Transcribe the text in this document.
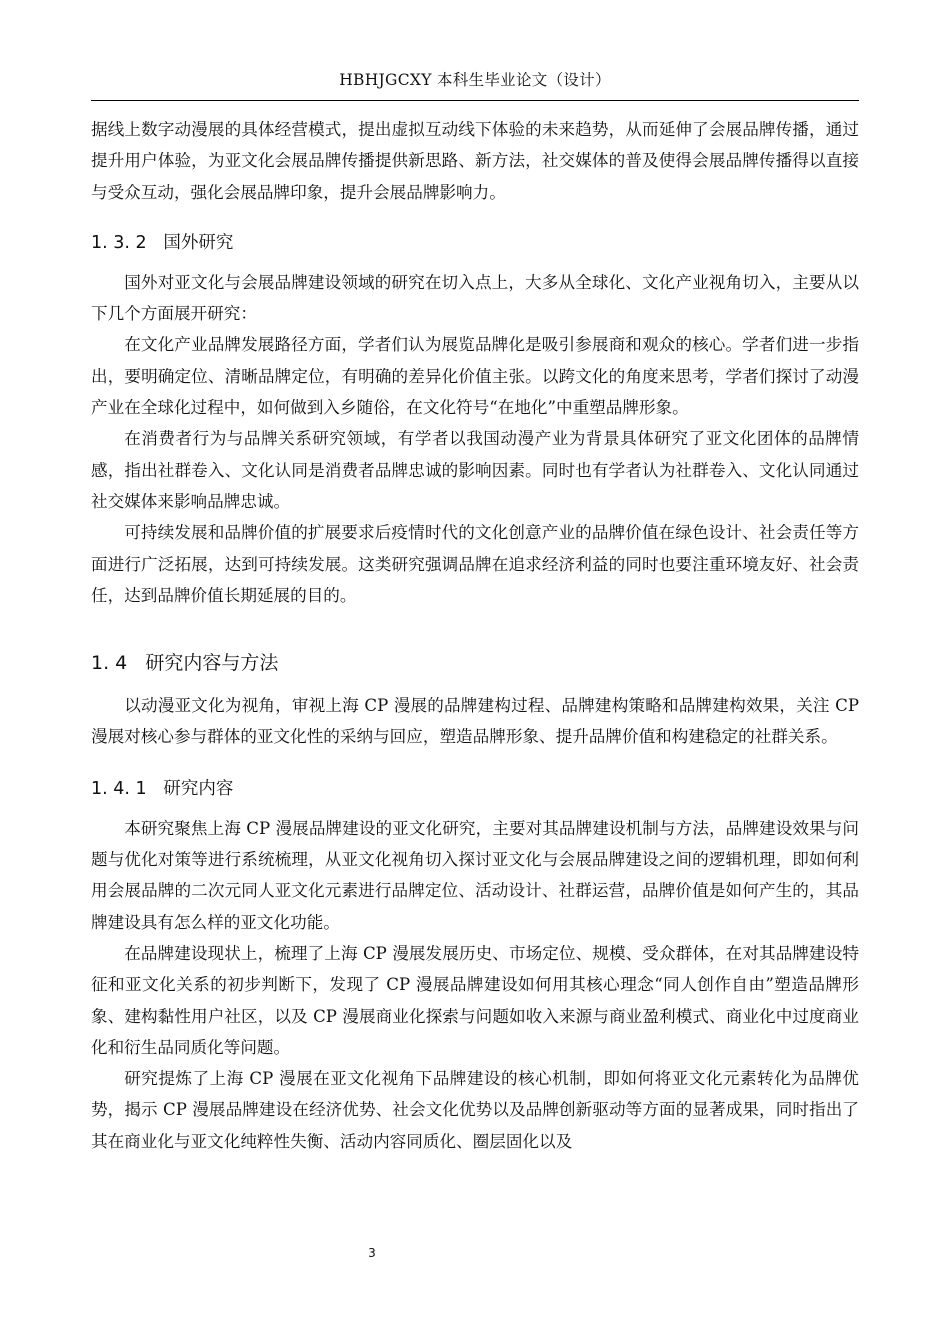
HBHJGCXY 本科生毕业论文（设计）

据线上数字动漫展的具体经营模式，提出虚拟互动线下体验的未来趋势，从而延伸了会展品牌传播，通过提升用户体验，为亚文化会展品牌传播提供新思路、新方法，社交媒体的普及使得会展品牌传播得以直接与受众互动，强化会展品牌印象，提升会展品牌影响力。

1. 3. 2   国外研究

国外对亚文化与会展品牌建设领域的研究在切入点上，大多从全球化、文化产业视角切入，主要从以下几个方面展开研究：

在文化产业品牌发展路径方面，学者们认为展览品牌化是吸引参展商和观众的核心。学者们进一步指出，要明确定位、清晰品牌定位，有明确的差异化价值主张。以跨文化的角度来思考，学者们探讨了动漫产业在全球化过程中，如何做到入乡随俗，在文化符号“在地化”中重塑品牌形象。

在消费者行为与品牌关系研究领域，有学者以我国动漫产业为背景具体研究了亚文化团体的品牌情感，指出社群卷入、文化认同是消费者品牌忠诚的影响因素。同时也有学者认为社群卷入、文化认同通过社交媒体来影响品牌忠诚。

可持续发展和品牌价值的扩展要求后疫情时代的文化创意产业的品牌价值在绿色设计、社会责任等方面进行广泛拓展，达到可持续发展。这类研究强调品牌在追求经济利益的同时也要注重环境友好、社会责任，达到品牌价值长期延展的目的。

1. 4   研究内容与方法

以动漫亚文化为视角，审视上海 CP 漫展的品牌建构过程、品牌建构策略和品牌建构效果，关注 CP 漫展对核心参与群体的亚文化性的采纳与回应，塑造品牌形象、提升品牌价值和构建稳定的社群关系。

1. 4. 1   研究内容

本研究聚焦上海 CP 漫展品牌建设的亚文化研究，主要对其品牌建设机制与方法，品牌建设效果与问题与优化对策等进行系统梳理，从亚文化视角切入探讨亚文化与会展品牌建设之间的逻辑机理，即如何利用会展品牌的二次元同人亚文化元素进行品牌定位、活动设计、社群运营，品牌价值是如何产生的，其品牌建设具有怎么样的亚文化功能。

在品牌建设现状上，梳理了上海 CP 漫展发展历史、市场定位、规模、受众群体，在对其品牌建设特征和亚文化关系的初步判断下，发现了 CP 漫展品牌建设如何用其核心理念“同人创作自由”塑造品牌形象、建构黏性用户社区，以及 CP 漫展商业化探索与问题如收入来源与商业盈利模式、商业化中过度商业化和衍生品同质化等问题。

研究提炼了上海 CP 漫展在亚文化视角下品牌建设的核心机制，即如何将亚文化元素转化为品牌优势，揭示 CP 漫展品牌建设在经济优势、社会文化优势以及品牌创新驱动等方面的显著成果，同时指出了其在商业化与亚文化纯粹性失衡、活动内容同质化、圈层固化以及

3
